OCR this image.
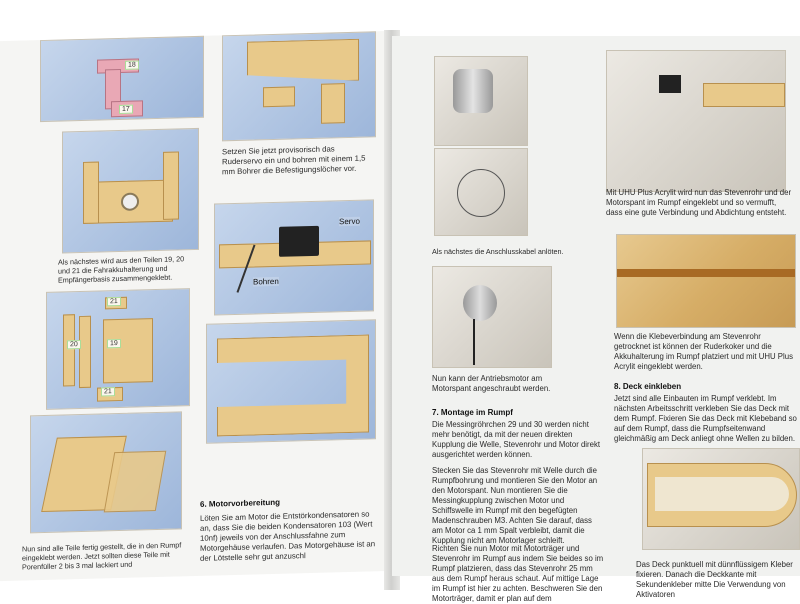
18
17
Als nächstes wird aus den Teilen 19, 20 und 21 die Fahrakkuhalterung und Empfängerbasis zusammengeklebt.
21
20	19
21
Nun sind alle Teile fertig gestellt, die in den Rumpf eingeklebt werden. Jetzt sollten diese Teile mit Porenfüller 2 bis 3 mal lackiert und
Setzen Sie jetzt provisorisch das Ruderservo ein und bohren mit einem 1,5 mm Bohrer die Befestigungslöcher vor.
Servo
Bohren
6. Motorvorbereitung
Löten Sie am Motor die Entstörkondensatoren so an, dass Sie die beiden Kondensatoren 103 (Wert 10nf) jeweils von der Anschlussfahne zum Motorgehäuse verlaufen. Das Motorgehäuse ist an der Lötstelle sehr gut anzuschl
Als nächstes die Anschlusskabel anlöten.
Nun kann der Antriebsmotor am Motorspant angeschraubt werden.
7. Montage im Rumpf
Die Messingröhrchen 29 und 30 werden nicht mehr benötigt, da mit der neuen direkten Kupplung die Welle, Stevenrohr und Motor direkt ausgerichtet werden können.
Stecken Sie das Stevenrohr mit Welle durch die Rumpfbohrung und montieren Sie den Motor an den Motorspant. Nun montieren Sie die Messingkupplung zwischen Motor und Schiffswelle im Rumpf mit den begefügten Madenschrauben M3. Achten Sie darauf, dass am Motor ca 1 mm Spalt verbleibt, damit die Kupplung nicht am Motorlager schleift.
Richten Sie nun Motor mit Motorträger und Stevenrohr im Rumpf aus indem Sie beides so im Rumpf platzieren, dass das Stevenrohr 25 mm aus dem Rumpf heraus schaut. Auf mittige Lage im Rumpf ist hier zu achten. Beschweren Sie den Motorträger, damit er plan auf dem
Mit UHU Plus Acrylit wird nun das Stevenrohr und der Motorspant im Rumpf eingeklebt und so vermufft, dass eine gute Verbindung und Abdichtung entsteht.
Wenn die Klebeverbindung am Stevenrohr getrocknet ist können der Ruderkoker und die Akkuhalterung im Rumpf platziert und mit UHU Plus Acrylit eingeklebt werden.
8. Deck einkleben
Jetzt sind alle Einbauten im Rumpf verklebt. Im nächsten Arbeitsschritt verkleben Sie das Deck mit dem Rumpf. Fixieren Sie das Deck mit Klebeband so auf dem Rumpf, dass die Rumpfseitenwand gleichmäßig am Deck anliegt ohne Wellen zu bilden.
Das Deck punktuell mit dünnflüssigem Kleber fixieren. Danach die Deckkante mit Sekundenkleber mitte Die Verwendung von Aktivatoren
